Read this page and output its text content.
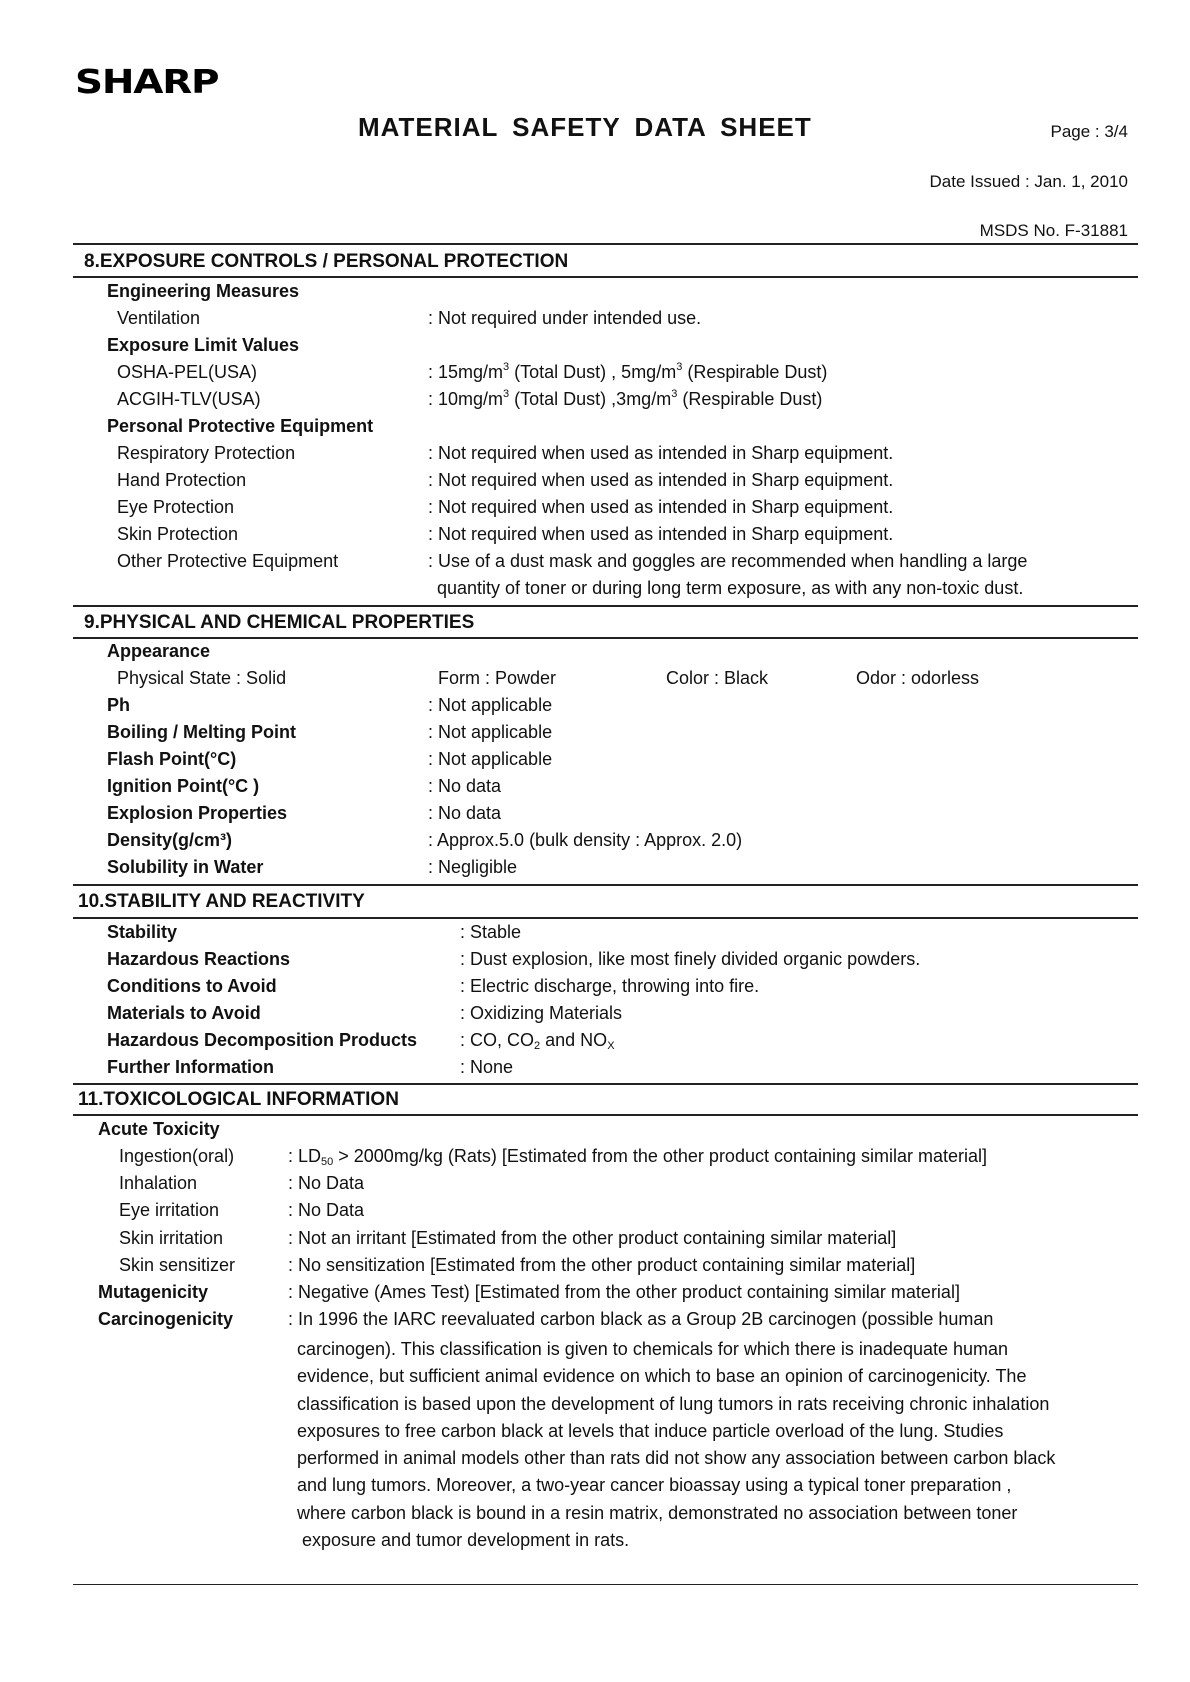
SHARP
MATERIAL SAFETY DATA SHEET	Page : 3/4
Date Issued : Jan. 1, 2010
MSDS No. F-31881
8.EXPOSURE CONTROLS / PERSONAL PROTECTION
Engineering Measures
Ventilation	: Not required under intended use.
Exposure Limit Values
OSHA-PEL(USA)	: $15mg/m^3$ (Total Dust) , $5mg/m^3$ (Respirable Dust)
ACGIH-TLV(USA)	: $10mg/m^3$ (Total Dust) $,3mg/m^3$ (Respirable Dust)
Personal Protective Equipment
Respiratory Protection	: Not required when used as intended in Sharp equipment.
Hand Protection	: Not required when used as intended in Sharp equipment.
Eye Protection	: Not required when used as intended in Sharp equipment.
Skin Protection	: Not required when used as intended in Sharp equipment.
Other Protective Equipment	: Use of a dust mask and goggles are recommended when handling a large
quantity of toner or during long term exposure, as with any non-toxic dust.
9.PHYSICAL AND CHEMICAL PROPERTIES
Appearance
Physical State : Solid	Form : Powder	Color : Black	Odor : odorless
Ph	: Not applicable
Boiling / Melting Point	: Not applicable
Flash Point(°C)	: Not applicable
Ignition Point(°C )	: No data
Explosion Properties	: No data
Density(g/cm³)	: Approx.5.0 (bulk density : Approx. 2.0)
Solubility in Water	: Negligible
10.STABILITY AND REACTIVITY
Stability	: Stable
Hazardous Reactions	: Dust explosion, like most finely divided organic powders.
Conditions to Avoid	: Electric discharge, throwing into fire.
Materials to Avoid	: Oxidizing Materials
Hazardous Decomposition Products : CO, $CO_2$ and $NO_X$
Further Information	: None
11.TOXICOLOGICAL INFORMATION
Acute Toxicity
Ingestion(oral)	: $LD_{50} > 2000mg/kg$ (Rats) [Estimated from the other product containing similar material]
Inhalation	: No Data
Eye irritation	: No Data
Skin irritation	: Not an irritant [Estimated from the other product containing similar material]
Skin sensitizer	: No sensitization [Estimated from the other product containing similar material]
Mutagenicity	: Negative (Ames Test) [Estimated from the other product containing similar material]
Carcinogenicity	: In 1996 the IARC reevaluated carbon black as a Group 2B carcinogen (possible human
carcinogen). This classification is given to chemicals for which there is inadequate human
evidence, but sufficient animal evidence on which to base an opinion of carcinogenicity. The
classification is based upon the development of lung tumors in rats receiving chronic inhalation
exposures to free carbon black at levels that induce particle overload of the lung. Studies
performed in animal models other than rats did not show any association between carbon black
and lung tumors. Moreover, a two-year cancer bioassay using a typical toner preparation ,
where carbon black is bound in a resin matrix, demonstrated no association between toner
exposure and tumor development in rats.
